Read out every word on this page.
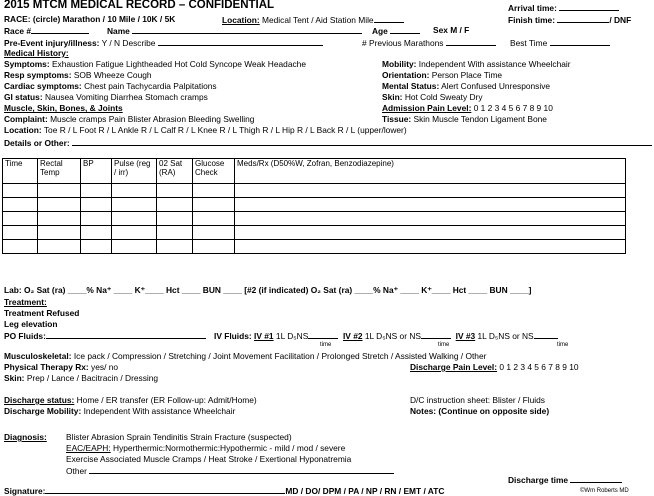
2015 MTCM MEDICAL RECORD – CONFIDENTIAL	Arrival time:
RACE: (circle) Marathon / 10 Mile / 10K / 5K	Location: Medical Tent / Aid Station Mile	Finish time:	/ DNF
Race #	Name	Age	Sex M / F
Pre-Event injury/illness: Y / N Describe	# Previous Marathons	Best Time
Medical History:
Symptoms: Exhaustion Fatigue Lightheaded Hot Cold Syncope Weak Headache	Mobility: Independent With assistance Wheelchair
Resp symptoms: SOB Wheeze Cough	Orientation: Person Place Time
Cardiac symptoms: Chest pain Tachycardia Palpitations	Mental Status: Alert Confused Unresponsive
GI status: Nausea Vomiting Diarrhea Stomach cramps	Skin: Hot Cold Sweaty Dry
Muscle, Skin, Bones, & Joints	Admission Pain Level: 0 1 2 3 4 5 6 7 8 9 10
Complaint: Muscle cramps Pain Blister Abrasion Bleeding Swelling	Tissue: Skin Muscle Tendon Ligament Bone
Location: Toe R / L Foot R / L Ankle R / L Calf R / L Knee R / L Thigh R / L Hip R / L Back R / L (upper/lower)
Details or Other:
Time	Rectal Temp	BP	Pulse (reg / irr)	02 Sat (RA)	Glucose Check	Meds/Rx (D50%W, Zofran, Benzodiazepine)

Lab: O₂ Sat (ra) ____% Na⁺ ____ K⁺____ Hct ____ BUN ____ [#2 (if indicated) O₂ Sat (ra) ____% Na⁺ ____ K⁺____ Hct ____ BUN ____]
Treatment:
Treatment Refused
Leg elevation
PO Fluids:	IV Fluids: IV #1 1L D₅NS	IV #2 1L D₅NS or NS	IV #3 1L D₅NS or NS
time	time	time
Musculoskeletal: Ice pack / Compression / Stretching / Joint Movement Facilitation / Prolonged Stretch / Assisted Walking / Other
Physical Therapy Rx: yes/ no	Discharge Pain Level: 0 1 2 3 4 5 6 7 8 9 10
Skin: Prep / Lance / Bacitracin / Dressing
Discharge status: Home / ER transfer (ER Follow-up: Admit/Home)	D/C instruction sheet: Blister / Fluids
Discharge Mobility: Independent With assistance Wheelchair	Notes: (Continue on opposite side)
Diagnosis: Blister Abrasion Sprain Tendinitis Strain Fracture (suspected)
EAC/EAPH: Hyperthermic:Normothermic:Hypothermic - mild / mod / severe
Exercise Associated Muscle Cramps / Heat Stroke / Exertional Hyponatremia
Other
Discharge time
Signature:	MD / DO/ DPM / PA / NP / RN / EMT / ATC	©Wm Roberts MD
